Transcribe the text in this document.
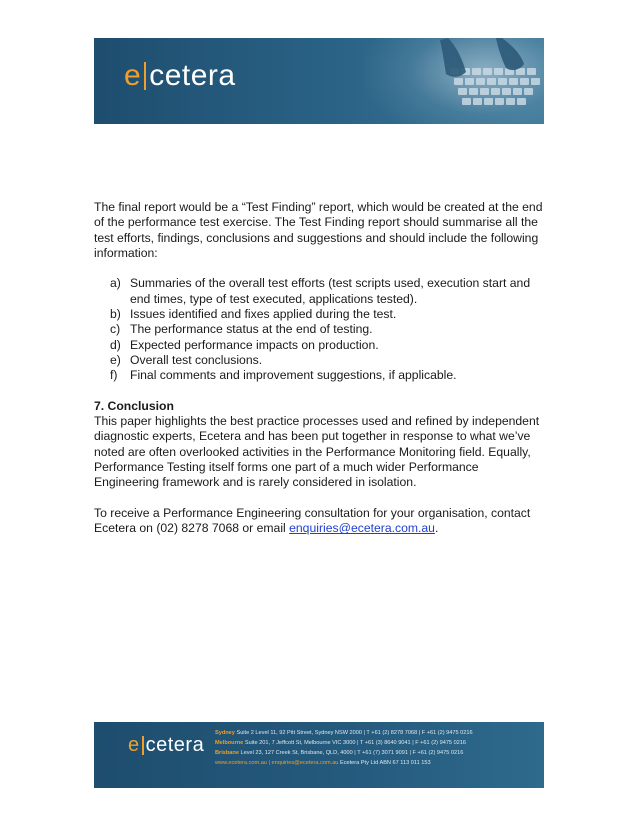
e cetera

The final report would be a “Test Finding” report, which would be created at the end of the performance test exercise. The Test Finding report should summarise all the test efforts, findings, conclusions and suggestions and should include the following information:

a) Summaries of the overall test efforts (test scripts used, execution start and end times, type of test executed, applications tested).
b) Issues identified and fixes applied during the test.
c) The performance status at the end of testing.
d) Expected performance impacts on production.
e) Overall test conclusions.
f) Final comments and improvement suggestions, if applicable.

7. Conclusion

This paper highlights the best practice processes used and refined by independent diagnostic experts, Ecetera and has been put together in response to what we’ve noted are often overlooked activities in the Performance Monitoring field. Equally, Performance Testing itself forms one part of a much wider Performance Engineering framework and is rarely considered in isolation.

To receive a Performance Engineering consultation for your organisation, contact Ecetera on (02) 8278 7068 or email enquiries@ecetera.com.au.

e cetera
Sydney Suite 2 Level 11, 92 Pitt Street, Sydney NSW 2000 | T +61 (2) 8278 7068 | F +61 (2) 9475 0216
Melbourne Suite 201, 7 Jeffcott St, Melbourne VIC 3000 | T +61 (3) 8640 9041 | F +61 (2) 9475 0216
Brisbane Level 23, 127 Creek St, Brisbane, QLD, 4000 | T +61 (7) 3071 9091 | F +61 (2) 9475 0216
www.ecetera.com.au | enquiries@ecetera.com.au Ecetera Pty Ltd ABN 67 113 011 153
